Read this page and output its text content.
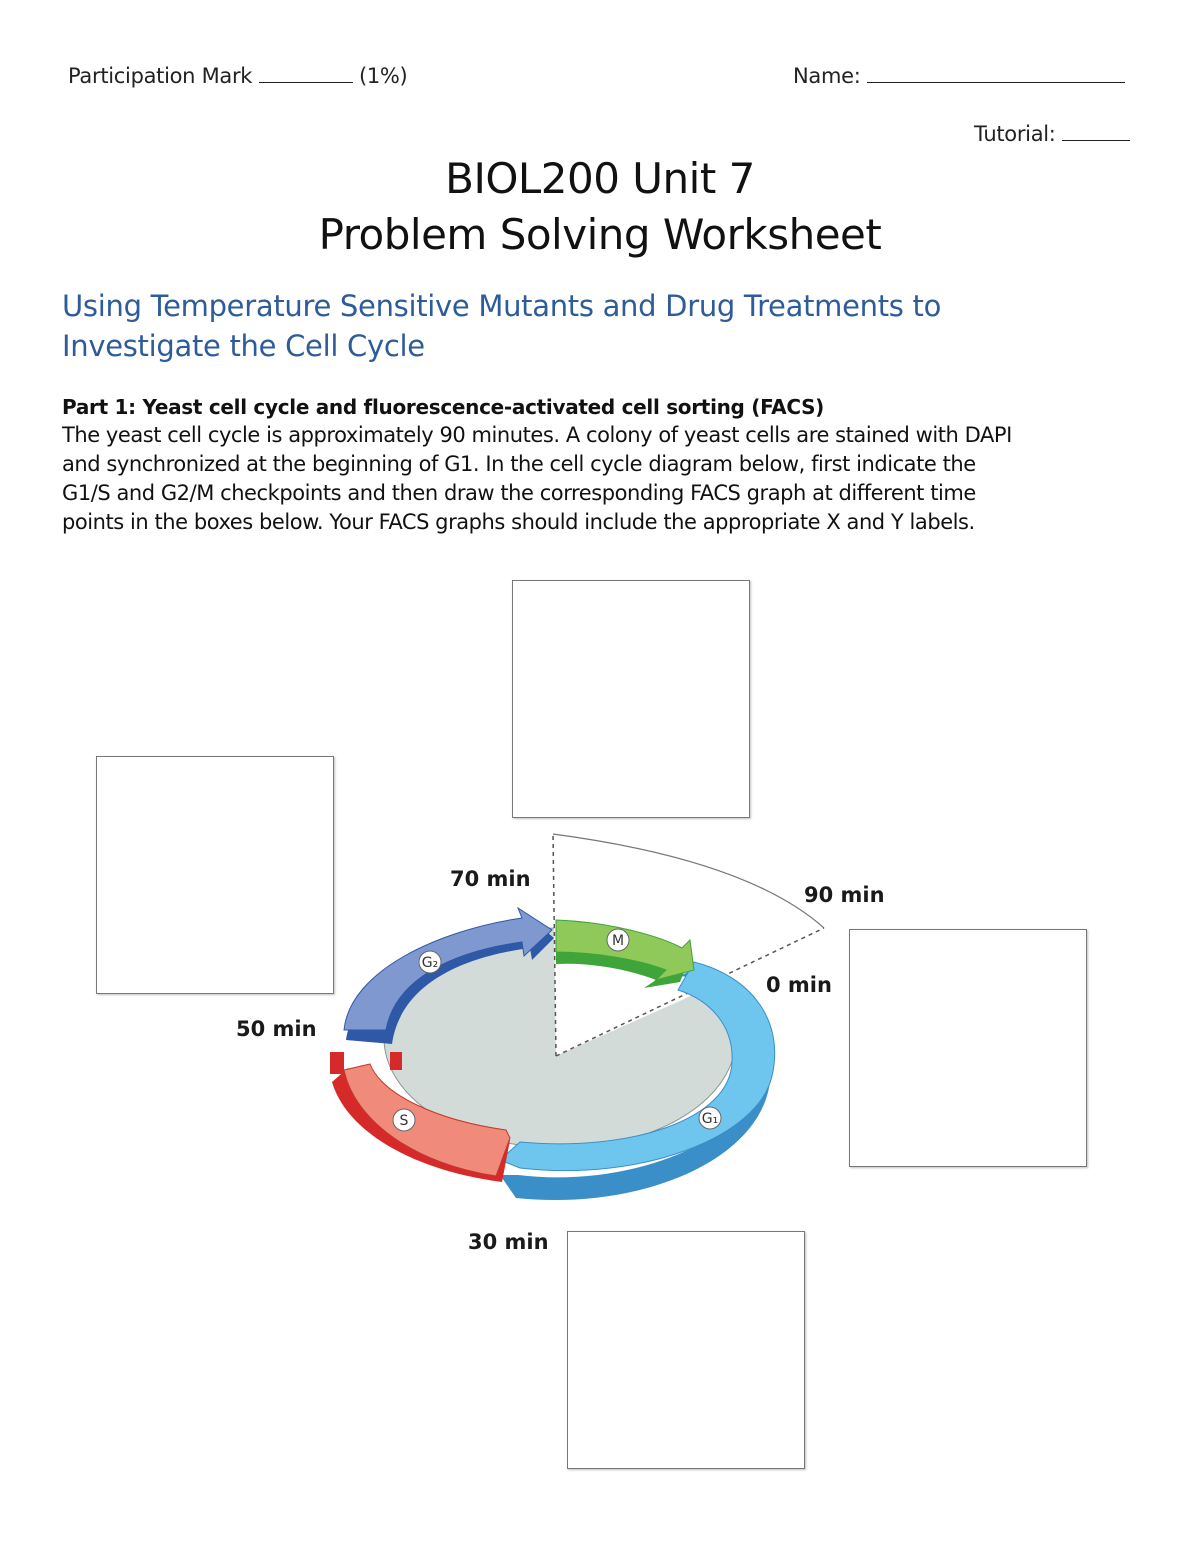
Participation Mark	(1%)	Name:
Tutorial:
BIOL200 Unit 7
Problem Solving Worksheet
Using Temperature Sensitive Mutants and Drug Treatments to
Investigate the Cell Cycle
Part 1: Yeast cell cycle and fluorescence-activated cell sorting (FACS)
The yeast cell cycle is approximately 90 minutes. A colony of yeast cells are stained with DAPI
and synchronized at the beginning of G1. In the cell cycle diagram below, first indicate the
G1/S and G2/M checkpoints and then draw the corresponding FACS graph at different time
points in the boxes below. Your FACS graphs should include the appropriate X and Y labels.
M
G₂
S	G₁
70 min
90 min
0 min
50 min
30 min
